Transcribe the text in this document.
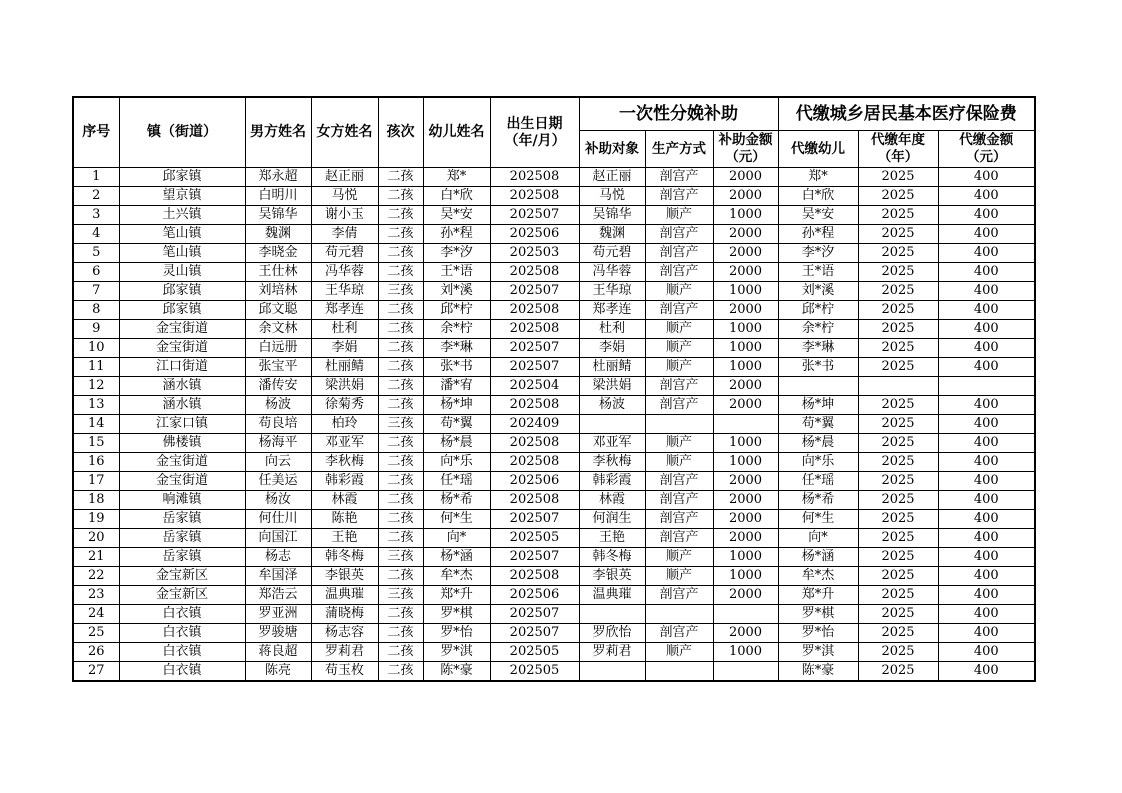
序号	镇（街道）	男方姓名	女方姓名	孩次	幼儿姓名	出生日期（年/月）	一次性分娩补助			代缴城乡居民基本医疗保险费		
							补助对象	生产方式	补助金额（元）	代缴幼儿	代缴年度（年）	代缴金额（元）
1	邱家镇	郑永超	赵正丽	二孩	郑*	202508	赵正丽	剖宫产	2000	郑*	2025	400
2	望京镇	白明川	马悦	二孩	白*欣	202508	马悦	剖宫产	2000	白*欣	2025	400
3	土兴镇	吴锦华	谢小玉	二孩	吴*安	202507	吴锦华	顺产	1000	吴*安	2025	400
4	笔山镇	魏渊	李倩	二孩	孙*程	202506	魏渊	剖宫产	2000	孙*程	2025	400
5	笔山镇	李晓金	苟元碧	二孩	李*汐	202503	苟元碧	剖宫产	2000	李*汐	2025	400
6	灵山镇	王仕林	冯华蓉	二孩	王*语	202508	冯华蓉	剖宫产	2000	王*语	2025	400
7	邱家镇	刘培林	王华琼	三孩	刘*溪	202507	王华琼	顺产	1000	刘*溪	2025	400
8	邱家镇	邱文聪	郑孝连	二孩	邱*柠	202508	郑孝连	剖宫产	2000	邱*柠	2025	400
9	金宝街道	余文林	杜利	二孩	余*柠	202508	杜利	顺产	1000	余*柠	2025	400
10	金宝街道	白远册	李娟	二孩	李*琳	202507	李娟	顺产	1000	李*琳	2025	400
11	江口街道	张宝平	杜丽鲭	二孩	张*书	202507	杜丽鲭	顺产	1000	张*书	2025	400
12	涵水镇	潘传安	梁洪娟	二孩	潘*宥	202504	梁洪娟	剖宫产	2000			
13	涵水镇	杨波	徐菊秀	二孩	杨*坤	202508	杨波	剖宫产	2000	杨*坤	2025	400
14	江家口镇	苟良培	柏玲	三孩	苟*翼	202409				苟*翼	2025	400
15	佛楼镇	杨海平	邓亚军	二孩	杨*晨	202508	邓亚军	顺产	1000	杨*晨	2025	400
16	金宝街道	向云	李秋梅	二孩	向*乐	202508	李秋梅	顺产	1000	向*乐	2025	400
17	金宝街道	任美运	韩彩霞	二孩	任*瑶	202506	韩彩霞	剖宫产	2000	任*瑶	2025	400
18	响滩镇	杨汝	林霞	二孩	杨*希	202508	林霞	剖宫产	2000	杨*希	2025	400
19	岳家镇	何仕川	陈艳	二孩	何*生	202507	何润生	剖宫产	2000	何*生	2025	400
20	岳家镇	向国江	王艳	二孩	向*	202505	王艳	剖宫产	2000	向*	2025	400
21	岳家镇	杨志	韩冬梅	三孩	杨*涵	202507	韩冬梅	顺产	1000	杨*涵	2025	400
22	金宝新区	牟国泽	李银英	二孩	牟*杰	202508	李银英	顺产	1000	牟*杰	2025	400
23	金宝新区	郑浩云	温典璀	三孩	郑*升	202506	温典璀	剖宫产	2000	郑*升	2025	400
24	白衣镇	罗亚洲	蒲晓梅	二孩	罗*棋	202507				罗*棋	2025	400
25	白衣镇	罗骏塘	杨志容	二孩	罗*怡	202507	罗欣怡	剖宫产	2000	罗*怡	2025	400
26	白衣镇	蒋良超	罗莉君	二孩	罗*淇	202505	罗莉君	顺产	1000	罗*淇	2025	400
27	白衣镇	陈亮	苟玉枚	二孩	陈*豪	202505				陈*豪	2025	400
